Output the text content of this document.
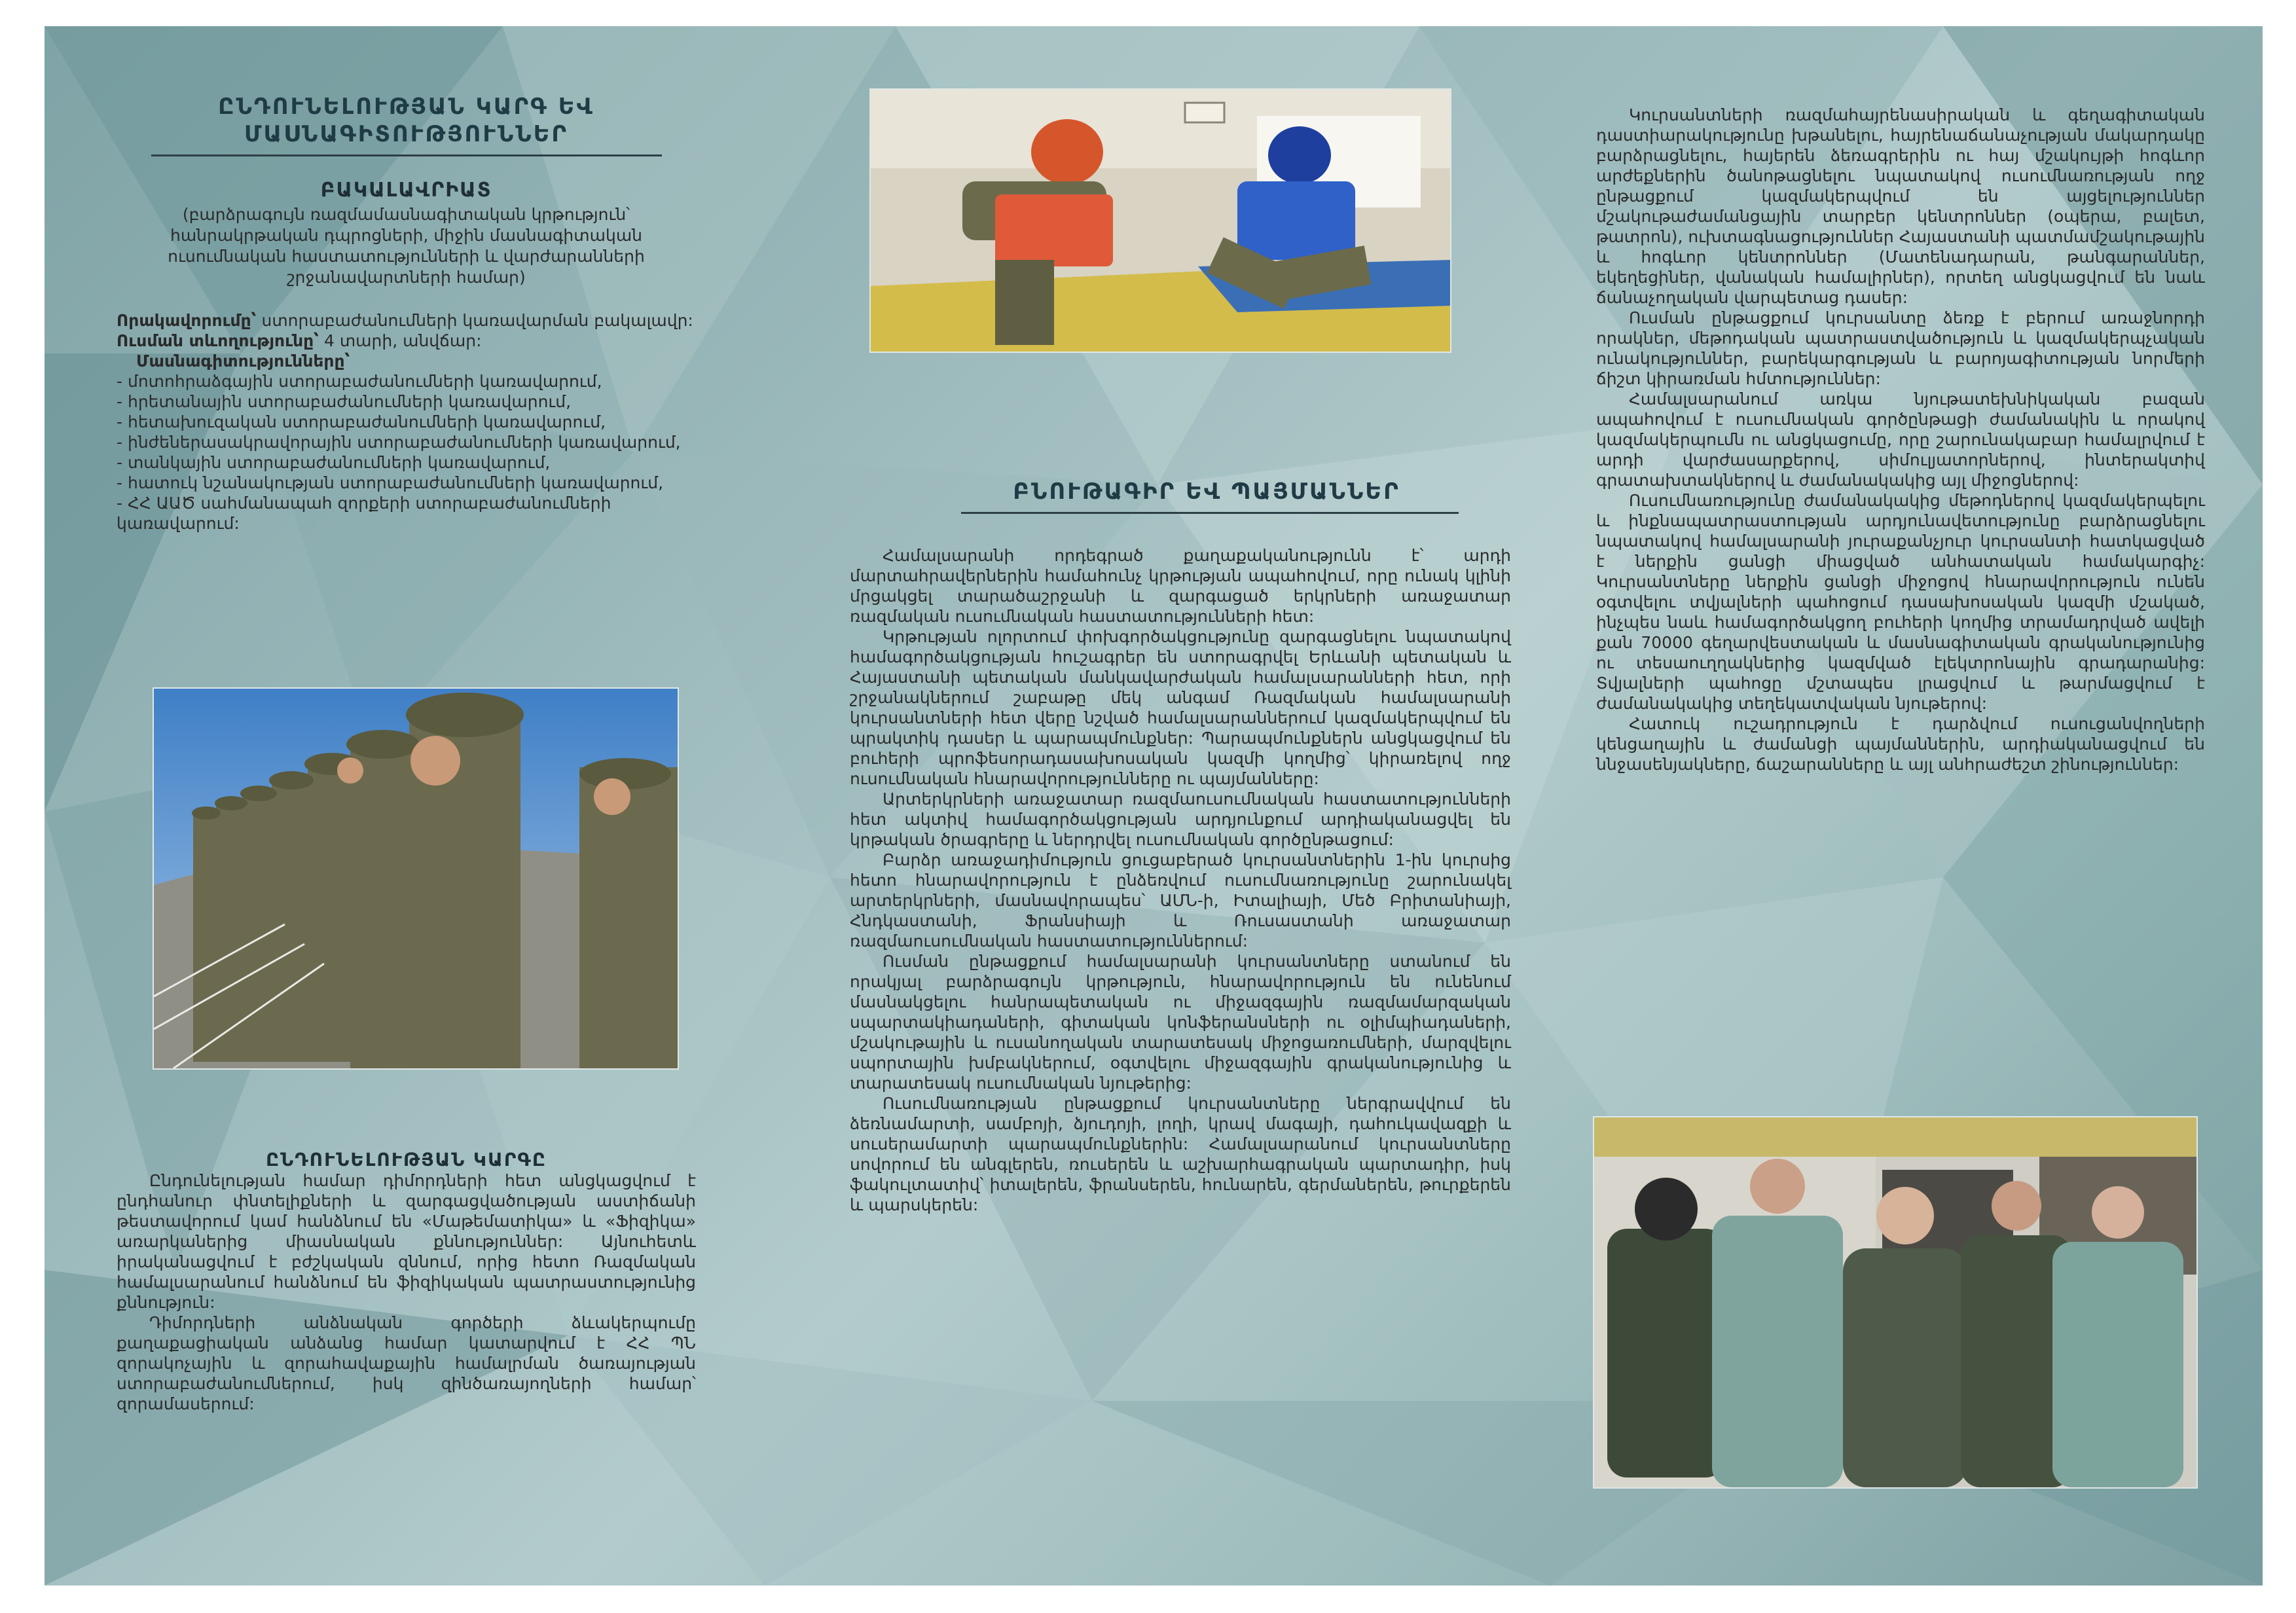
ԸՆԴՈՒՆԵԼՈՒԹՅԱՆ ԿԱՐԳ ԵՎ

ՄԱՍՆԱԳԻՏՈՒԹՅՈՒՆՆԵՐ

ԲԱԿԱԼԱՎՐԻԱՏ

(բարձրագույն ռազմամասնագիտական կրթություն՝ հանրակրթական դպրոցների, միջին մասնագիտական ուսումնական հաստատությունների և վարժարանների շրջանավարտների համար)

Որակավորումը՝ ստորաբաժանումների կառավարման բակալավր:

Ուսման տևողությունը՝ 4 տարի, անվճար:

Մասնագիտությունները՝

- մոտոհրաձգային ստորաբաժանումների կառավարում,
- հրետանային ստորաբաժանումների կառավարում,
- հետախուզական ստորաբաժանումների կառավարում,
- ինժեներասակրավորային ստորաբաժանումների կառավարում,
- տանկային ստորաբաժանումների կառավարում,
- հատուկ նշանակության ստորաբաժանումների կառավարում,
- ՀՀ ԱԱԾ սահմանապահ զորքերի ստորաբաժանումների կառավարում:

ԸՆԴՈՒՆԵԼՈՒԹՅԱՆ ԿԱՐԳԸ

Ընդունելության համար դիմորդների հետ անցկացվում է ընդհանուր փնտելիքների և զարգացվածության աստիճանի թեստավորում կամ հանձնում են «Մաթեմատիկա» և «Ֆիզիկա» առարկաներից միասնական քննություններ: Այնուհետև իրականացվում է բժշկական զննում, որից հետո Ռազմական համալսարանում հանձնում են ֆիզիկական պատրաստությունից քննություն:

Դիմորդների անձնական գործերի ձևակերպումը քաղաքացիական անձանց համար կատարվում է ՀՀ ՊՆ զորակոչային և զորահավաքային համալրման ծառայության ստորաբաժանումներում, իսկ զինծառայողների համար՝ զորամասերում:

ԲՆՈՒԹԱԳԻՐ ԵՎ ՊԱՅՄԱՆՆԵՐ

Համալսարանի որդեգրած քաղաքականությունն է՝ արդի մարտահրավերներին համահունչ կրթության ապահովում, որը ունակ կլինի մրցակցել տարածաշրջանի և զարգացած երկրների առաջատար ռազմական ուսումնական հաստատությունների հետ:

Կրթության ոլորտում փոխգործակցությունը զարգացնելու նպատակով համագործակցության հուշագրեր են ստորագրվել Երևանի պետական և Հայաստանի պետական մանկավարժական համալսարանների հետ, որի շրջանակներում շաբաթը մեկ անգամ Ռազմական համալսարանի կուրսանտների հետ վերը նշված համալսարաններում կազմակերպվում են պրակտիկ դասեր և պարապմունքներ: Պարապմունքներն անցկացվում են բուհերի պրոֆեսորադասախոսական կազմի կողմից՝ կիրառելով ողջ ուսումնական հնարավորությունները ու պայմանները:

Արտերկրների առաջատար ռազմաուսումնական հաստատությունների հետ ակտիվ համագործակցության արդյունքում արդիականացվել են կրթական ծրագրերը և ներդրվել ուսումնական գործընթացում:

Բարձր առաջադիմություն ցուցաբերած կուրսանտներին 1-ին կուրսից հետո հնարավորություն է ընձեռվում ուսումնառությունը շարունակել արտերկրների, մասնավորապես՝ ԱՄՆ-ի, Իտալիայի, Մեծ Բրիտանիայի, Հնդկաստանի, Ֆրանսիայի և Ռուսաստանի առաջատար ռազմաուսումնական հաստատություններում:

Ուսման ընթացքում համալսարանի կուրսանտները ստանում են որակյալ բարձրագույն կրթություն, հնարավորություն են ունենում մասնակցելու հանրապետական ու միջազգային ռազմամարզական սպարտակիադաների, գիտական կոնֆերանսների ու օլիմպիադաների, մշակութային և ուսանողական տարատեսակ միջոցառումների, մարզվելու սպորտային խմբակներում, օգտվելու միջազգային գրականությունից և տարատեսակ ուսումնական նյութերից:

Ուսումնառության ընթացքում կուրսանտները ներգրավվում են ձեռնամարտի, սամբոյի, ձյուդոյի, լողի, կրավ մագայի, դահուկավազքի և սուսերամարտի պարապմունքներին: Համալսարանում կուրսանտները սովորում են անգլերեն, ռուսերեն և աշխարհագրական պարտադիր, իսկ ֆակուլտատիվ՝ իտալերեն, ֆրանսերեն, հունարեն, գերմաներեն, թուրքերեն և պարսկերեն:

Կուրսանտների ռազմահայրենասիրական և գեղագիտական դաստիարակությունը խթանելու, հայրենաճանաչության մակարդակը բարձրացնելու, հայերեն ձեռագրերին ու հայ մշակույթի հոգևոր արժեքներին ծանոթացնելու նպատակով ուսումնառության ողջ ընթացքում կազմակերպվում են այցելություններ մշակութաժամանցային տարբեր կենտրոններ (օպերա, բալետ, թատրոն), ուխտագնացություններ Հայաստանի պատմամշակութային և հոգևոր կենտրոններ (Մատենադարան, թանգարաններ, եկեղեցիներ, վանական համալիրներ), որտեղ անցկացվում են նաև ճանաչողական վարպետաց դասեր:

Ուսման ընթացքում կուրսանտը ձեռք է բերում առաջնորդի որակներ, մեթոդական պատրաստվածություն և կազմակերպչական ունակություններ, բարեկարգության և բարոյագիտության նորմերի ճիշտ կիրառման հմտություններ:

Համալսարանում առկա նյութատեխնիկական բազան ապահովում է ուսումնական գործընթացի ժամանակին և որակով կազմակերպումն ու անցկացումը, որը շարունակաբար համալրվում է արդի վարժասարքերով, սիմուլյատորներով, ինտերակտիվ գրատախտակներով և ժամանակակից այլ միջոցներով:

Ուսումնառությունը ժամանակակից մեթոդներով կազմակերպելու և ինքնապատրաստության արդյունավետությունը բարձրացնելու նպատակով համալսարանի յուրաքանչյուր կուրսանտի հատկացված է ներքին ցանցի միացված անհատական համակարգիչ: Կուրսանտները ներքին ցանցի միջոցով հնարավորություն ունեն օգտվելու տվյալների պահոցում դասախոսական կազմի մշակած, ինչպես նաև համագործակցող բուհերի կողմից տրամադրված ավելի քան 70000 գեղարվեստական և մասնագիտական գրականությունից ու տեսաուղղակներից կազմված էլեկտրոնային գրադարանից: Տվյալների պահոցը մշտապես լրացվում և թարմացվում է ժամանակակից տեղեկատվական նյութերով:

Հատուկ ուշադրություն է դարձվում ուսուցանվողների կենցաղային և ժամանցի պայմաններին, արդիականացվում են ննջասենյակները, ճաշարանները և այլ անհրաժեշտ շինություններ:
